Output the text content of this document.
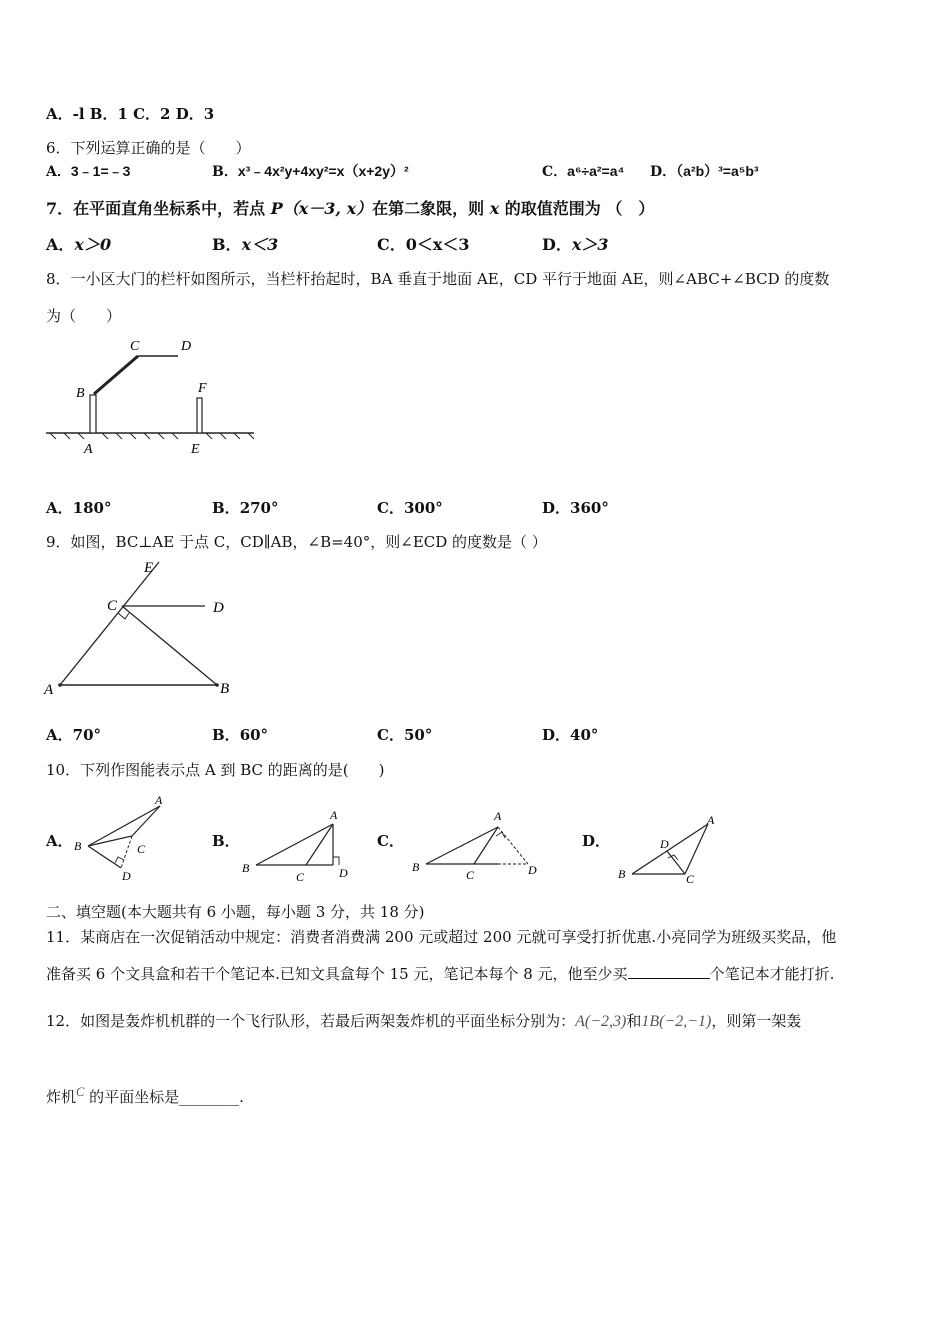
A．-l B．1 C．2 D．3
6．下列运算正确的是（　　）
A．3﹣1=﹣3	B．x³﹣4x²y+4xy²=x（x+2y）²	C．a⁶÷a²=a⁴ D．（a²b）³=a⁵b³
7．在平面直角坐标系中，若点 P（x－3, x）在第二象限，则 x 的取值范围为 （　）
A．x＞0	B．x＜3	C．0＜x＜3	D．x＞3
8．一小区大门的栏杆如图所示，当栏杆抬起时，BA 垂直于地面 AE，CD 平行于地面 AE，则∠ABC+∠BCD 的度数
为（　　）
B
C	D
F
A	E
A．180°	B．270°	C．300°	D．360°
9．如图，BC⊥AE 于点 C，CD∥AB，∠B=40°，则∠ECD 的度数是（ ）
E
C	D
A	B
A．70°	B．60°	C．50°	D．40°
10．下列作图能表示点 A 到 BC 的距离的是(　　)
A．
A
B	C
D
B．
A
B
C	D
C．
A
B
C	D
D．
A
B	C
D
二、填空题(本大题共有 6 小题，每小题 3 分，共 18 分)
11．某商店在一次促销活动中规定：消费者消费满 200 元或超过 200 元就可享受打折优惠.小亮同学为班级买奖品，他
准备买 6 个文具盒和若干个笔记本.已知文具盒每个 15 元，笔记本每个 8 元，他至少买	个笔记本才能打折.
12．如图是轰炸机机群的一个飞行队形，若最后两架轰炸机的平面坐标分别为：A(−2,3)和1B(−2,−1)，则第一架轰
炸机$^C$ 的平面坐标是________.
